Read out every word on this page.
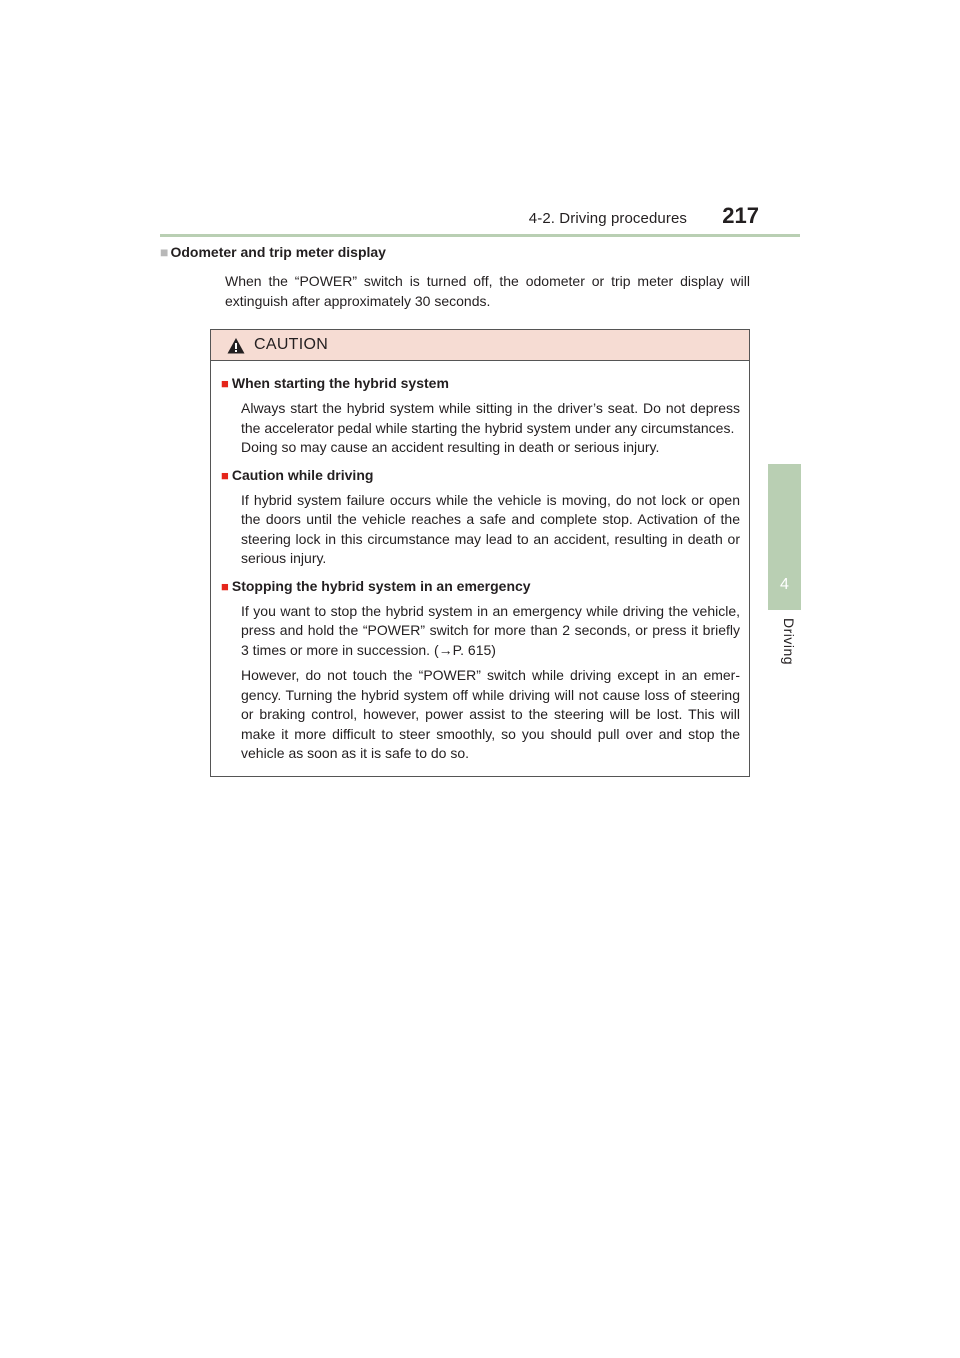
4-2. Driving procedures 217
4
Driving
■ Odometer and trip meter display
When the “POWER” switch is turned off, the odometer or trip meter display will extinguish after approximately 30 seconds.
CAUTION
■ When starting the hybrid system
Always start the hybrid system while sitting in the driver’s seat. Do not depress the accelerator pedal while starting the hybrid system under any circumstances.
Doing so may cause an accident resulting in death or serious injury.
■ Caution while driving
If hybrid system failure occurs while the vehicle is moving, do not lock or open the doors until the vehicle reaches a safe and complete stop. Activation of the steering lock in this circumstance may lead to an accident, resulting in death or serious injury.
■ Stopping the hybrid system in an emergency
If you want to stop the hybrid system in an emergency while driving the vehicle, press and hold the “POWER” switch for more than 2 seconds, or press it briefly 3 times or more in succession. (→P. 615)
However, do not touch the “POWER” switch while driving except in an emer-gency. Turning the hybrid system off while driving will not cause loss of steering or braking control, however, power assist to the steering will be lost. This will make it more difficult to steer smoothly, so you should pull over and stop the vehicle as soon as it is safe to do so.
